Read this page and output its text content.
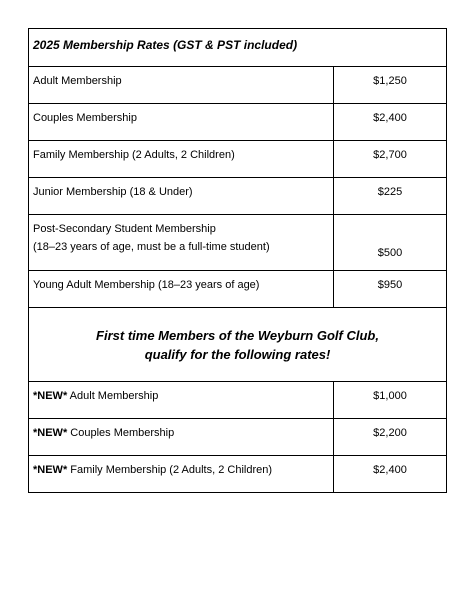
2025 Membership Rates (GST & PST included)	
Adult Membership	$1,250
Couples Membership	$2,400
Family Membership (2 Adults, 2 Children)	$2,700
Junior Membership (18 & Under)	$225
Post-Secondary Student Membership
(18–23 years of age, must be a full-time student)	$500
Young Adult Membership (18–23 years of age)	$950

First time Members of the Weyburn Golf Club,
qualify for the following rates!	

*NEW* Adult Membership	$1,000
*NEW* Couples Membership	$2,200
*NEW* Family Membership (2 Adults, 2 Children)	$2,400
